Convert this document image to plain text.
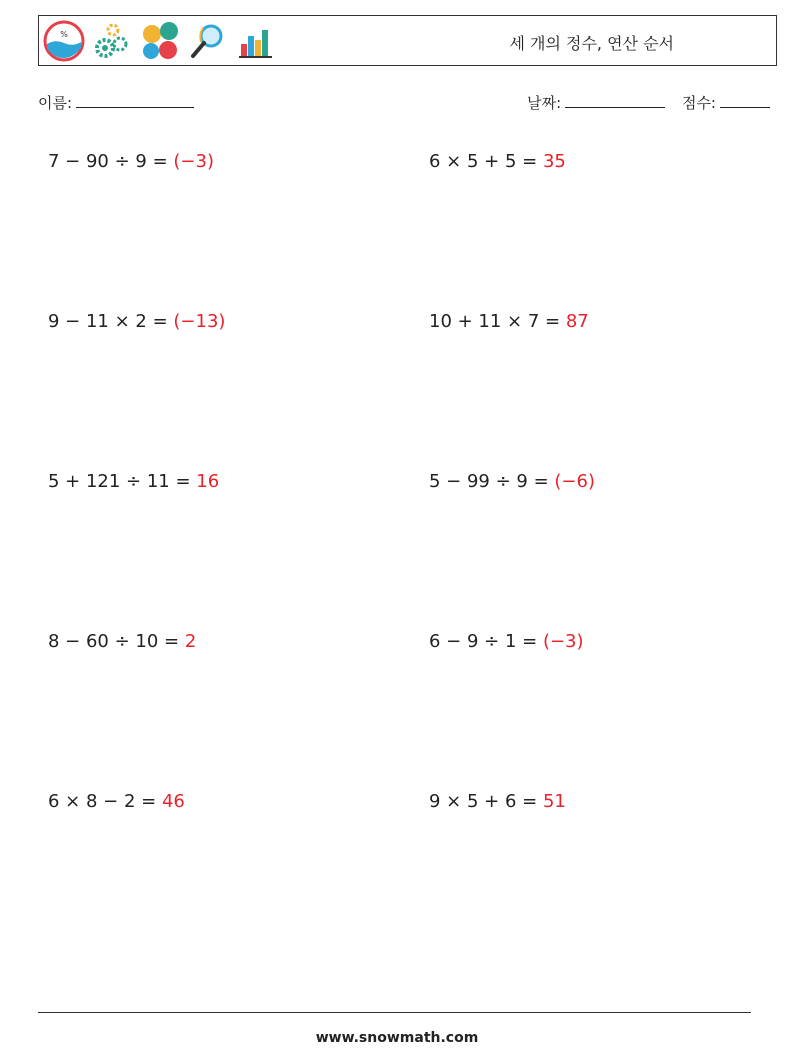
%	세 개의 정수, 연산 순서
이름:	날짜:	점수:
7 − 90 ÷ 9 = (−3)	6 × 5 + 5 = 35
9 − 11 × 2 = (−13)	10 + 11 × 7 = 87
5 + 121 ÷ 11 = 16	5 − 99 ÷ 9 = (−6)
8 − 60 ÷ 10 = 2	6 − 9 ÷ 1 = (−3)
6 × 8 − 2 = 46	9 × 5 + 6 = 51
www.snowmath.com
